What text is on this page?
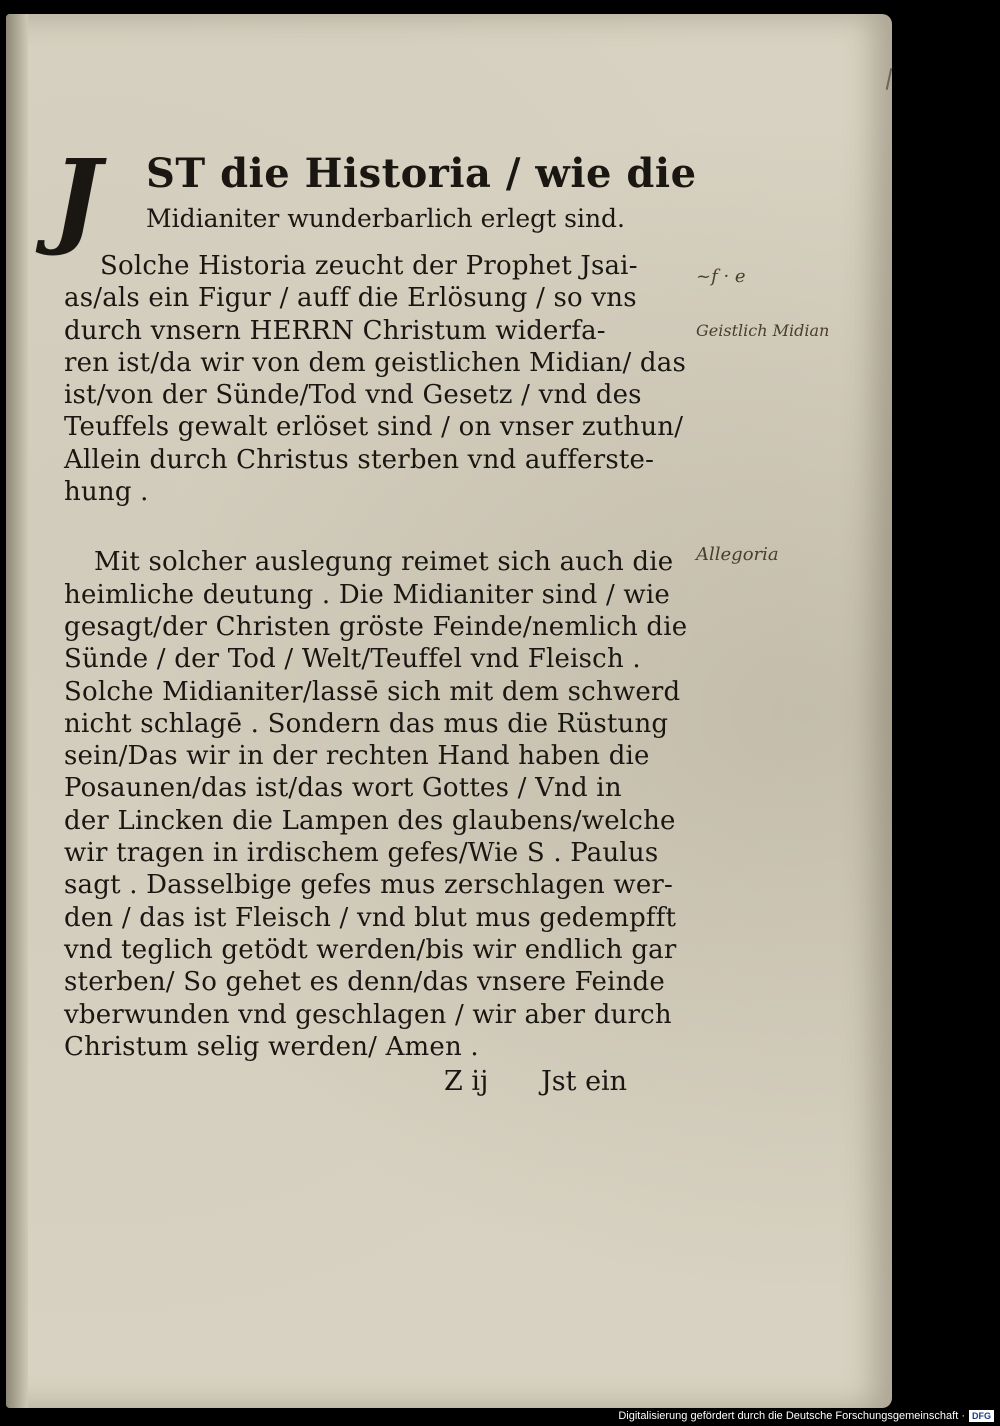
J ST die Historia / wie die
Midianiter wunderbarlich erlegt sind.

Solche Historia zeucht der Prophet Jsai-
as/als ein Figur / auff die Erlösung / so vns
durch vnsern HERRN Christum widerfa-
ren ist/da wir von dem geistlichen Midian/ das
ist/von der Sünde/Tod vnd Gesetz / vnd des
Teuffels gewalt erlöset sind / on vnser zuthun/
Allein durch Christus sterben vnd aufferste-
hung .

Mit solcher auslegung reimet sich auch die
heimliche deutung . Die Midianiter sind / wie
gesagt/der Christen gröste Feinde/nemlich die
Sünde / der Tod / Welt/Teuffel vnd Fleisch .
Solche Midianiter/lassē sich mit dem schwerd
nicht schlagē . Sondern das mus die Rüstung
sein/Das wir in der rechten Hand haben die
Posaunen/das ist/das wort Gottes / Vnd in
der Lincken die Lampen des glaubens/welche
wir tragen in irdischem gefes/Wie S . Paulus
sagt . Dasselbige gefes mus zerschlagen wer-
den / das ist Fleisch / vnd blut mus gedempfft
vnd teglich getödt werden/bis wir endlich gar
sterben/ So gehet es denn/das vnsere Feinde
vberwunden vnd geschlagen / wir aber durch
Christum selig werden/ Amen .

Z ij Jst ein
~f · e
Geistlich Midian
Allegoria
Digitalisierung gefördert durch die Deutsche Forschungsgemeinschaft · DFG
